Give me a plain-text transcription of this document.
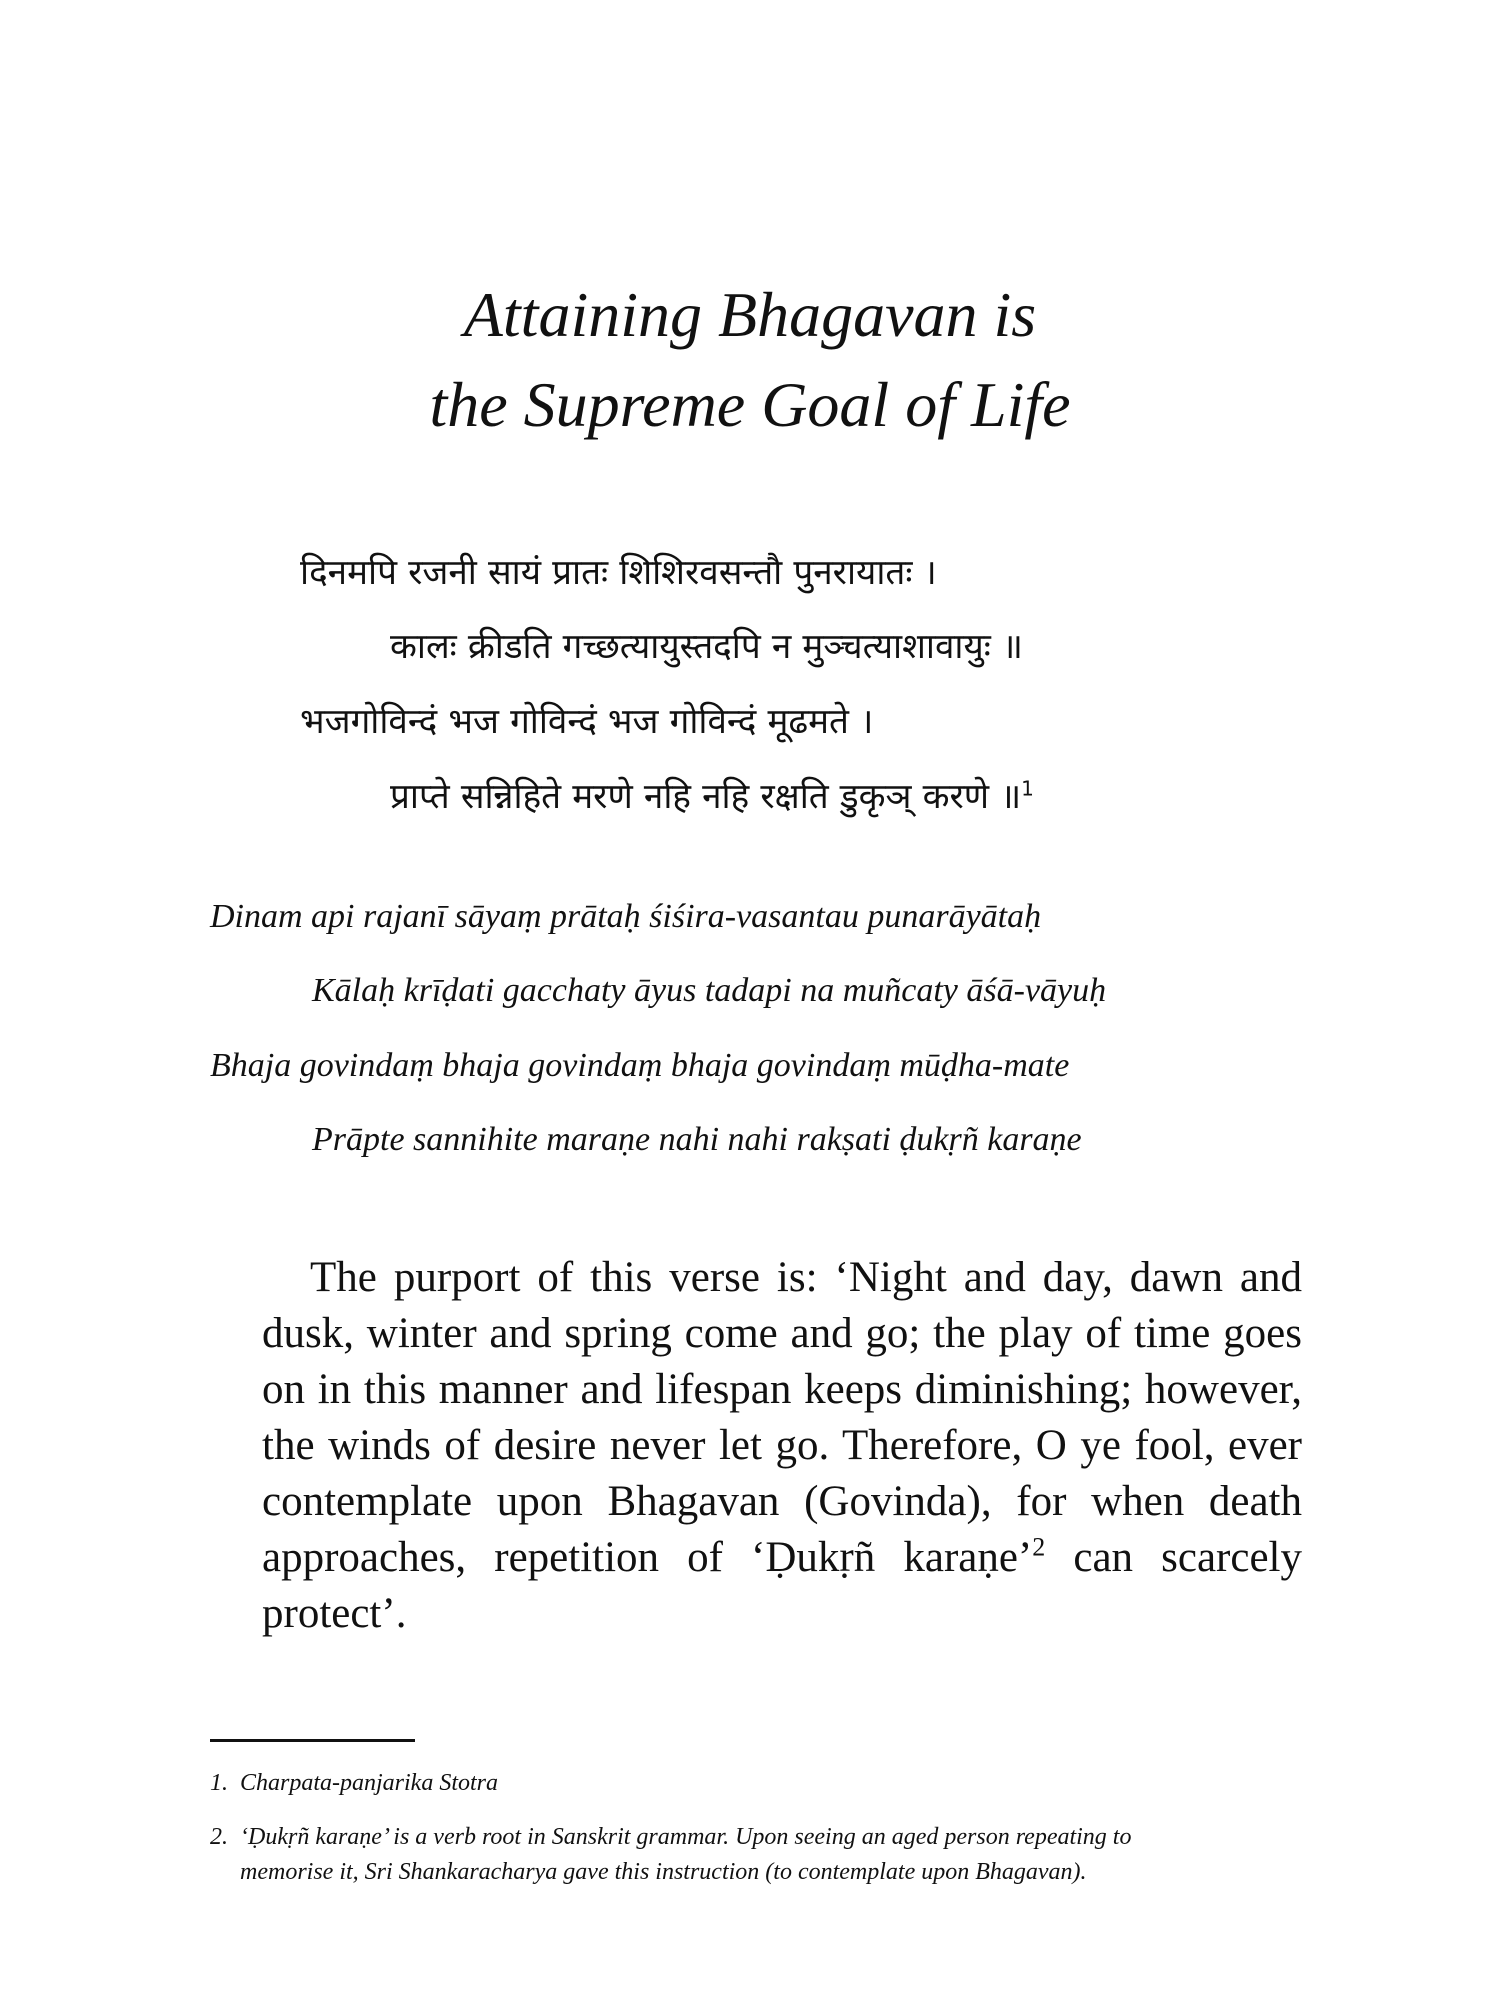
Attaining Bhagavan is
the Supreme Goal of Life
दिनमपि रजनी सायं प्रातः शिशिरवसन्तौ पुनरायातः ।
कालः क्रीडति गच्छत्यायुस्तदपि न मुञ्चत्याशावायुः ॥
भजगोविन्दं भज गोविन्दं भज गोविन्दं मूढमते ।
प्राप्ते सन्निहिते मरणे नहि नहि रक्षति डुकृञ् करणे ॥$^1$
Dinam api rajanī sāyaṃ prātaḥ śiśira-vasantau punarāyātaḥ
Kālaḥ krīḍati gacchaty āyus tadapi na muñcaty āśā-vāyuḥ
Bhaja govindaṃ bhaja govindaṃ bhaja govindaṃ mūḍha-mate
Prāpte sannihite maraṇe nahi nahi rakṣati ḍukṛñ karaṇe

The purport of this verse is: ‘Night and day, dawn and dusk, winter and spring come and go; the play of time goes on in this manner and lifespan keeps diminishing; however, the winds of desire never let go. Therefore, O ye fool, ever contemplate upon Bhagavan (Govinda), for when death approaches, repetition of ‘Ḍukṛñ karaṇe’$^2$ can scarcely protect’.

1. Charpata-panjarika Stotra
2. ‘Ḍukṛñ karaṇe’ is a verb root in Sanskrit grammar. Upon seeing an aged person repeating to memorise it, Sri Shankaracharya gave this instruction (to contemplate upon Bhagavan).
